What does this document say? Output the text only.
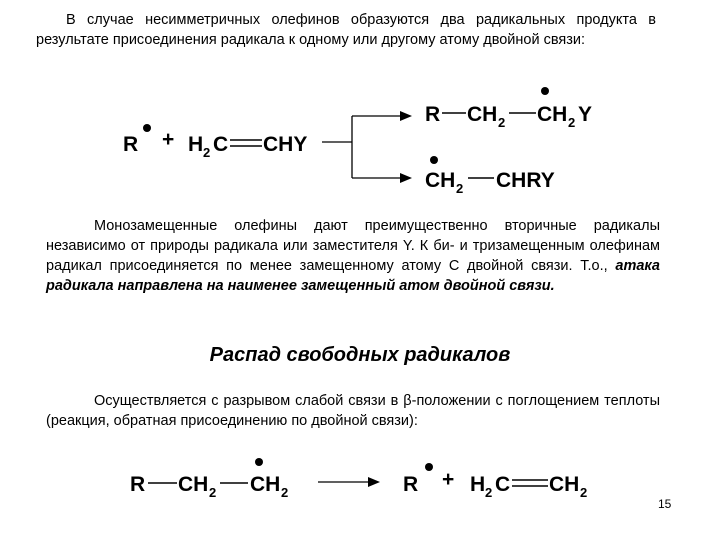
В случае несимметричных олефинов образуются два радикальных продукта в результате присоединения радикала к одному или другому атому двойной связи:
R + H 2 C CHY
R CH 2 CH 2 Y
CH 2 CHRY
Монозамещенные олефины дают преимущественно вторичные радикалы независимо от природы радикала или заместителя Y. К би- и тризамещенным олефинам радикал присоединяется по менее замещенному атому С двойной связи. Т.о., атака радикала направлена на наименее замещенный атом двойной связи.
Распад свободных радикалов
Осуществляется с разрывом слабой связи в β-положении с поглощением теплоты (реакция, обратная присоединению по двойной связи):
R CH 2 CH 2	R + H 2 C CH 2
15
